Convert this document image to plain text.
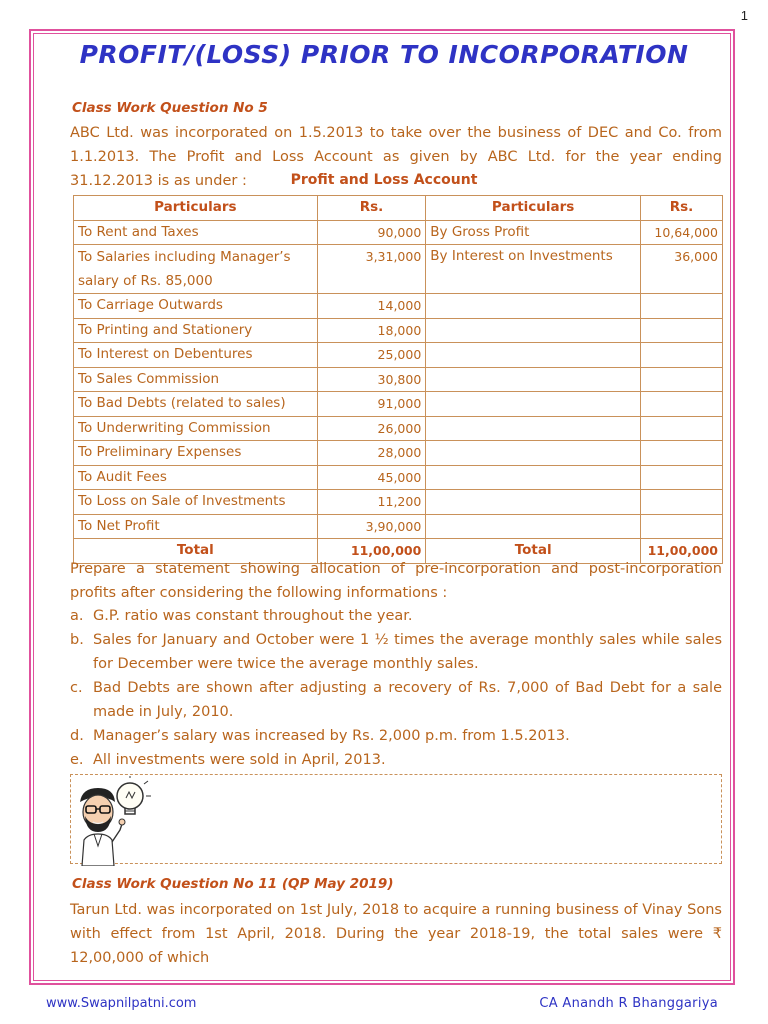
1
PROFIT/(LOSS) PRIOR TO INCORPORATION
Class Work Question No 5
ABC Ltd. was incorporated on 1.5.2013 to take over the business of DEC and Co. from 1.1.2013. The Profit and Loss Account as given by ABC Ltd. for the year ending 31.12.2013 is as under :	Profit and Loss Account
Particulars	Rs.	Particulars	Rs.
To Rent and Taxes	90,000	By Gross Profit	10,64,000
To Salaries including Manager’s salary of Rs. 85,000	3,31,000	By Interest on Investments	36,000
To Carriage Outwards	14,000		
To Printing and Stationery	18,000		
To Interest on Debentures	25,000		
To Sales Commission	30,800		
To Bad Debts (related to sales)	91,000		
To Underwriting Commission	26,000		
To Preliminary Expenses	28,000		
To Audit Fees	45,000		
To Loss on Sale of Investments	11,200		
To Net Profit	3,90,000		
Total	11,00,000	Total	11,00,000
Prepare a statement showing allocation of pre-incorporation and post-incorporation profits after considering the following informations :
a. G.P. ratio was constant throughout the year.
b. Sales for January and October were 1 ½ times the average monthly sales while sales for December were twice the average monthly sales.
c. Bad Debts are shown after adjusting a recovery of Rs. 7,000 of Bad Debt for a sale made in July, 2010.
d. Manager’s salary was increased by Rs. 2,000 p.m. from 1.5.2013.
e. All investments were sold in April, 2013.
Class Work Question No 11 (QP May 2019)
Tarun Ltd. was incorporated on 1st July, 2018 to acquire a running business of Vinay Sons with effect from 1st April, 2018. During the year 2018-19, the total sales were ₹ 12,00,000 of which
www.Swapnilpatni.com	CA Anandh R Bhanggariya
